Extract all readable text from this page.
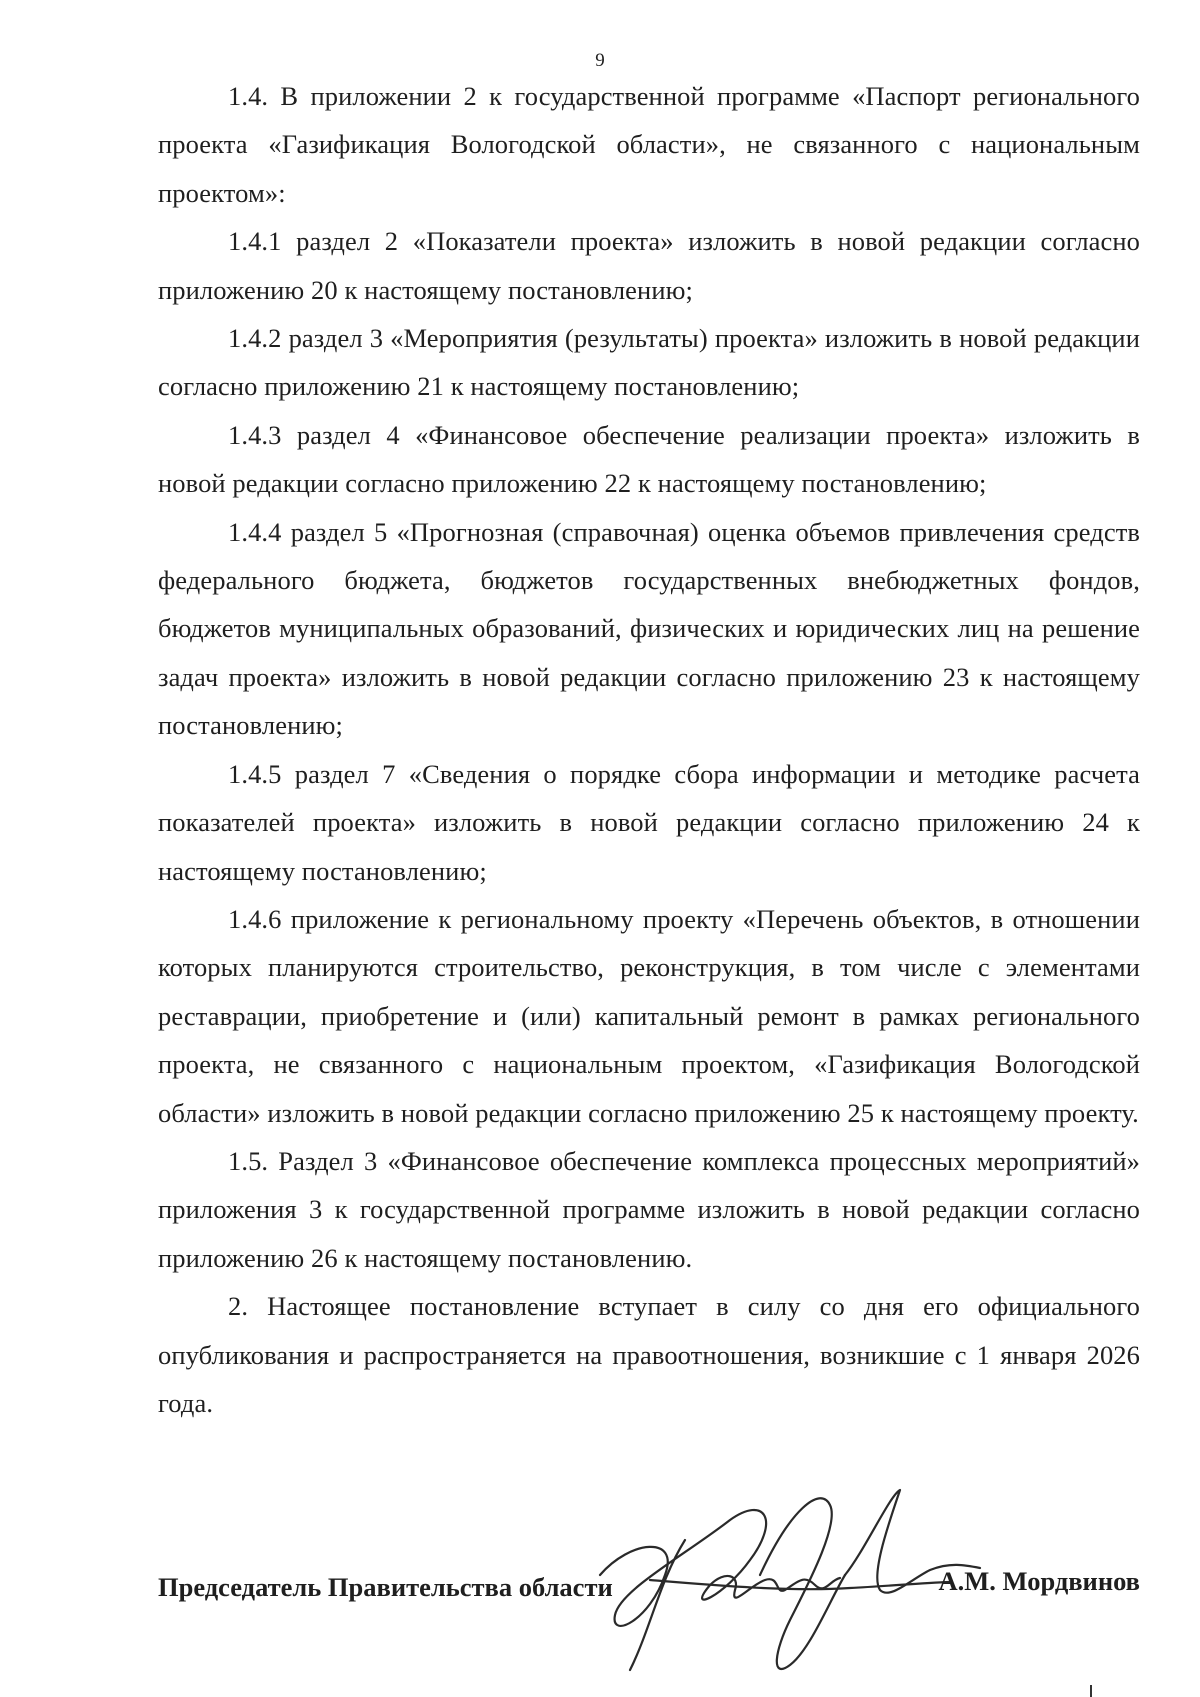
9

1.4. В приложении 2 к государственной программе «Паспорт регионального проекта «Газификация Вологодской области», не связанного с национальным проектом»:

1.4.1 раздел 2 «Показатели проекта» изложить в новой редакции согласно приложению 20 к настоящему постановлению;

1.4.2 раздел 3 «Мероприятия (результаты) проекта» изложить в новой редакции согласно приложению 21 к настоящему постановлению;

1.4.3 раздел 4 «Финансовое обеспечение реализации проекта» изложить в новой редакции согласно приложению 22 к настоящему постановлению;

1.4.4 раздел 5 «Прогнозная (справочная) оценка объемов привлечения средств федерального бюджета, бюджетов государственных внебюджетных фондов, бюджетов муниципальных образований, физических и юридических лиц на решение задач проекта» изложить в новой редакции согласно приложению 23 к настоящему постановлению;

1.4.5 раздел 7 «Сведения о порядке сбора информации и методике расчета показателей проекта» изложить в новой редакции согласно приложению 24 к настоящему постановлению;

1.4.6 приложение к региональному проекту «Перечень объектов, в отношении которых планируются строительство, реконструкция, в том числе с элементами реставрации, приобретение и (или) капитальный ремонт в рамках регионального проекта, не связанного с национальным проектом, «Газификация Вологодской области» изложить в новой редакции согласно приложению 25 к настоящему проекту.

1.5. Раздел 3 «Финансовое обеспечение комплекса процессных мероприятий» приложения 3 к государственной программе изложить в новой редакции согласно приложению 26 к настоящему постановлению.

2. Настоящее постановление вступает в силу со дня его официального опубликования и распространяется на правоотношения, возникшие с 1 января 2026 года.

Председатель Правительства области	А.М. Мордвинов
